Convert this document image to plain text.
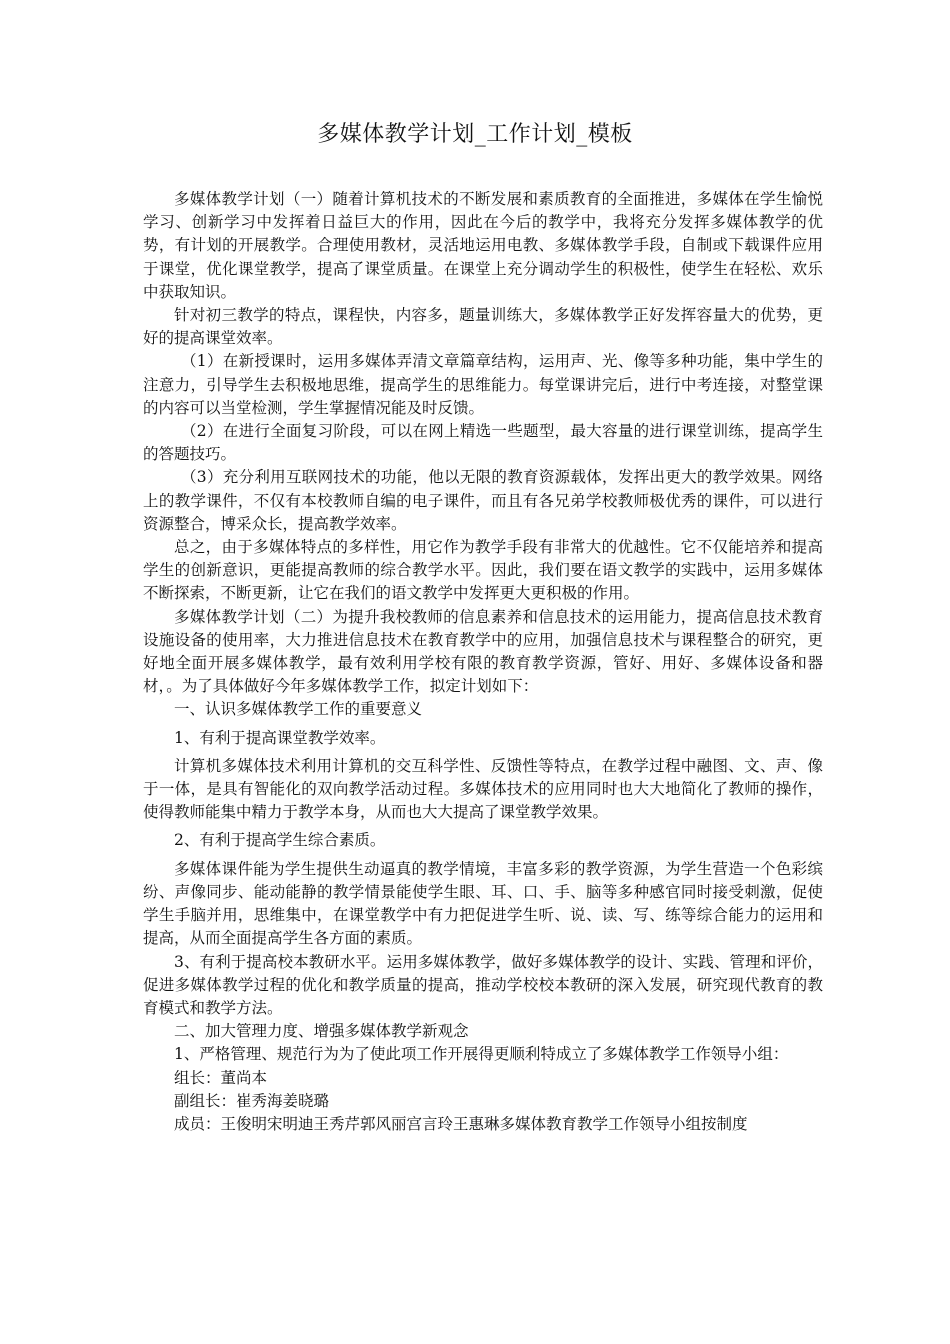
多媒体教学计划_工作计划_模板

多媒体教学计划（一）随着计算机技术的不断发展和素质教育的全面推进，多媒体在学生愉悦学习、创新学习中发挥着日益巨大的作用，因此在今后的教学中，我将充分发挥多媒体教学的优势，有计划的开展教学。合理使用教材，灵活地运用电教、多媒体教学手段，自制或下载课件应用于课堂，优化课堂教学，提高了课堂质量。在课堂上充分调动学生的积极性，使学生在轻松、欢乐中获取知识。

针对初三教学的特点，课程快，内容多，题量训练大，多媒体教学正好发挥容量大的优势，更好的提高课堂效率。

（1）在新授课时，运用多媒体弄清文章篇章结构，运用声、光、像等多种功能，集中学生的注意力，引导学生去积极地思维，提高学生的思维能力。每堂课讲完后，进行中考连接，对整堂课的内容可以当堂检测，学生掌握情况能及时反馈。

（2）在进行全面复习阶段，可以在网上精选一些题型，最大容量的进行课堂训练，提高学生的答题技巧。

（3）充分利用互联网技术的功能，他以无限的教育资源载体，发挥出更大的教学效果。网络上的教学课件，不仅有本校教师自编的电子课件，而且有各兄弟学校教师极优秀的课件，可以进行资源整合，博采众长，提高教学效率。

总之，由于多媒体特点的多样性，用它作为教学手段有非常大的优越性。它不仅能培养和提高学生的创新意识，更能提高教师的综合教学水平。因此，我们要在语文教学的实践中，运用多媒体不断探索，不断更新，让它在我们的语文教学中发挥更大更积极的作用。

多媒体教学计划（二）为提升我校教师的信息素养和信息技术的运用能力，提高信息技术教育设施设备的使用率，大力推进信息技术在教育教学中的应用，加强信息技术与课程整合的研究，更好地全面开展多媒体教学，最有效利用学校有限的教育教学资源，管好、用好、多媒体设备和器材，。为了具体做好今年多媒体教学工作，拟定计划如下：

一、认识多媒体教学工作的重要意义

1、有利于提高课堂教学效率。

计算机多媒体技术利用计算机的交互科学性、反馈性等特点，在教学过程中融图、文、声、像于一体，是具有智能化的双向教学活动过程。多媒体技术的应用同时也大大地简化了教师的操作，使得教师能集中精力于教学本身，从而也大大提高了课堂教学效果。

2、有利于提高学生综合素质。

多媒体课件能为学生提供生动逼真的教学情境，丰富多彩的教学资源，为学生营造一个色彩缤纷、声像同步、能动能静的教学情景能使学生眼、耳、口、手、脑等多种感官同时接受刺激，促使学生手脑并用，思维集中，在课堂教学中有力把促进学生听、说、读、写、练等综合能力的运用和提高，从而全面提高学生各方面的素质。

3、有利于提高校本教研水平。运用多媒体教学，做好多媒体教学的设计、实践、管理和评价，促进多媒体教学过程的优化和教学质量的提高，推动学校校本教研的深入发展，研究现代教育的教育模式和教学方法。

二、加大管理力度、增强多媒体教学新观念

1、严格管理、规范行为为了使此项工作开展得更顺利特成立了多媒体教学工作领导小组：

组长：董尚本

副组长：崔秀海姜晓璐

成员：王俊明宋明迪王秀芹郭风丽宫言玲王惠琳多媒体教育教学工作领导小组按制度
